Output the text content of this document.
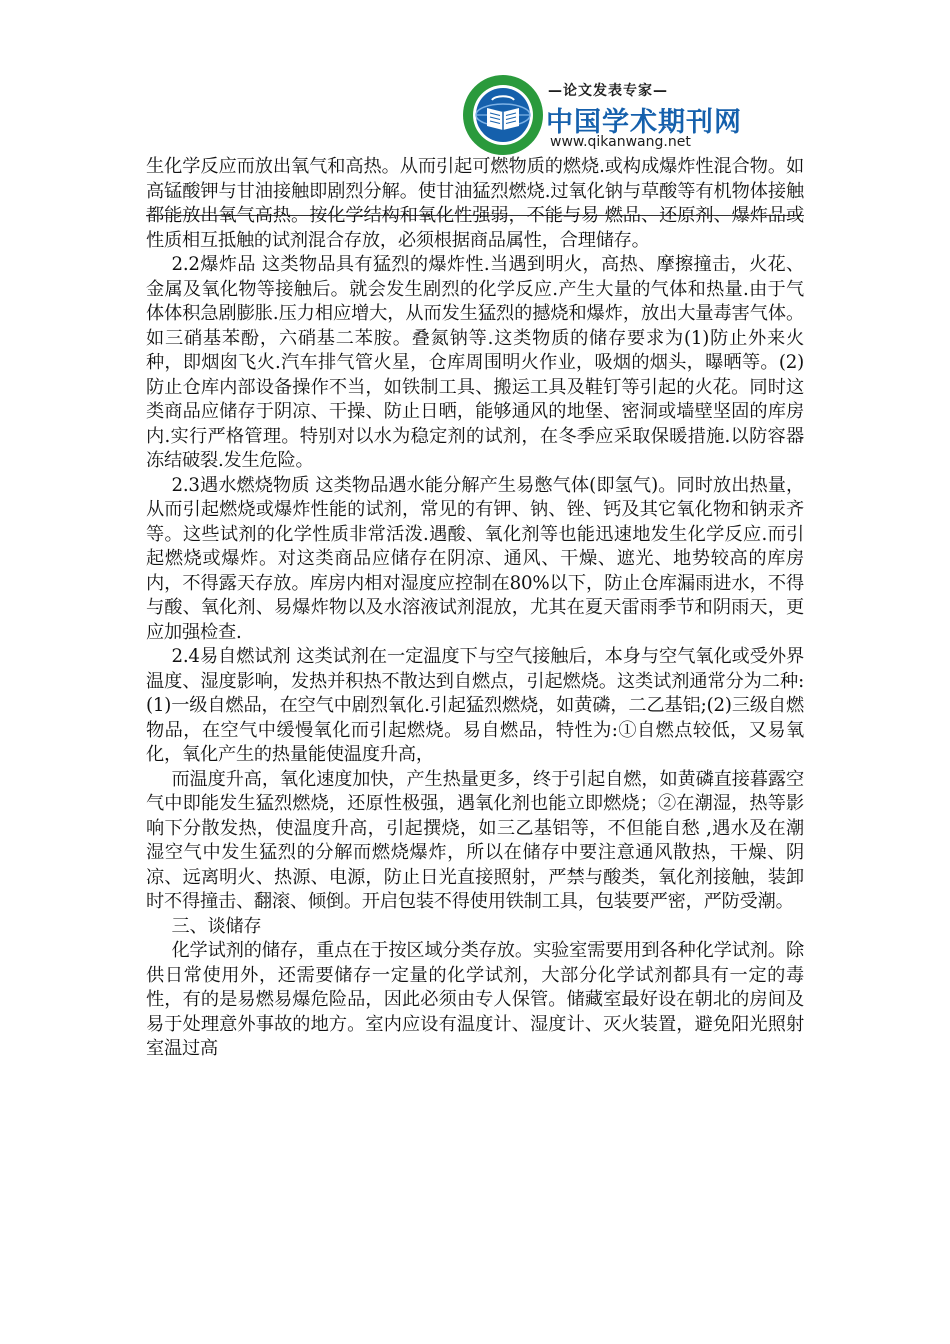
—论文发表专家—
中国学术期刊网
www.qikanwang.net

生化学反应而放出氧气和高热。从而引起可燃物质的燃烧.或构成爆炸性混合物。如高锰酸钾与甘油接触即剧烈分解。使甘油猛烈燃烧.过氧化钠与草酸等有机物体接触都能放出氧气高热。按化学结构和氧化性强弱，不能与易 燃品、还原剂、爆炸品或性质相互抵触的试剂混合存放，必须根据商品属性，合理储存。

2.2爆炸品 这类物品具有猛烈的爆炸性.当遇到明火，高热、摩擦撞击，火花、金属及氧化物等接触后。就会发生剧烈的化学反应.产生大量的气体和热量.由于气体体积急剧膨胀.压力相应增大，从而发生猛烈的撼烧和爆炸，放出大量毒害气体。如三硝基苯酚，六硝基二苯胺。叠氮钠等.这类物质的储存要求为(1)防止外来火种，即烟囱飞火.汽车排气管火星，仓库周围明火作业，吸烟的烟头，曝晒等。(2)防止仓库内部设备操作不当，如铁制工具、搬运工具及鞋钉等引起的火花。同时这类商品应储存于阴凉、干操、防止日晒，能够通风的地堡、密洞或墙壁坚固的库房内.实行严格管理。特别对以水为稳定剂的试剂，在冬季应采取保暖措施.以防容器冻结破裂.发生危险。

2.3遇水燃烧物质 这类物品遇水能分解产生易憋气体(即氢气)。同时放出热量，从而引起燃烧或爆炸性能的试剂，常见的有钾、钠、锉、钙及其它氧化物和钠汞齐等。这些试剂的化学性质非常活泼.遇酸、氧化剂等也能迅速地发生化学反应.而引起燃烧或爆炸。对这类商品应储存在阴凉、通风、干燥、遮光、地势较高的库房内，不得露天存放。库房内相对湿度应控制在80%以下，防止仓库漏雨进水，不得与酸、氧化剂、易爆炸物以及水溶液试剂混放，尤其在夏天雷雨季节和阴雨天，更应加强检查.

2.4易自燃试剂 这类试剂在一定温度下与空气接触后，本身与空气氧化或受外界温度、湿度影响，发热并积热不散达到自燃点，引起燃烧。这类试剂通常分为二种:(1)一级自燃品，在空气中剧烈氧化.引起猛烈燃烧，如黄磷，二乙基铝;(2)三级自燃物品，在空气中缓慢氧化而引起燃烧。易自燃品，特性为:①自燃点较低，又易氧化，氧化产生的热量能使温度升高，

而温度升高，氧化速度加快，产生热量更多，终于引起自燃，如黄磷直接暮露空气中即能发生猛烈燃烧，还原性极强，遇氧化剂也能立即燃烧；②在潮湿，热等影响下分散发热，使温度升高，引起撰烧，如三乙基铝等，不但能自愁 ,遇水及在潮湿空气中发生猛烈的分解而燃烧爆炸，所以在储存中要注意通风散热，干燥、阴凉、远离明火、热源、电源，防止日光直接照射，严禁与酸类，氧化剂接触，装卸时不得撞击、翻滚、倾倒。开启包装不得使用铁制工具，包装要严密，严防受潮。

三、谈储存

化学试剂的储存，重点在于按区域分类存放。实验室需要用到各种化学试剂。除供日常使用外，还需要储存一定量的化学试剂，大部分化学试剂都具有一定的毒性，有的是易燃易爆危险品，因此必须由专人保管。储藏室最好设在朝北的房间及易于处理意外事故的地方。室内应设有温度计、湿度计、灭火装置，避免阳光照射室温过高
